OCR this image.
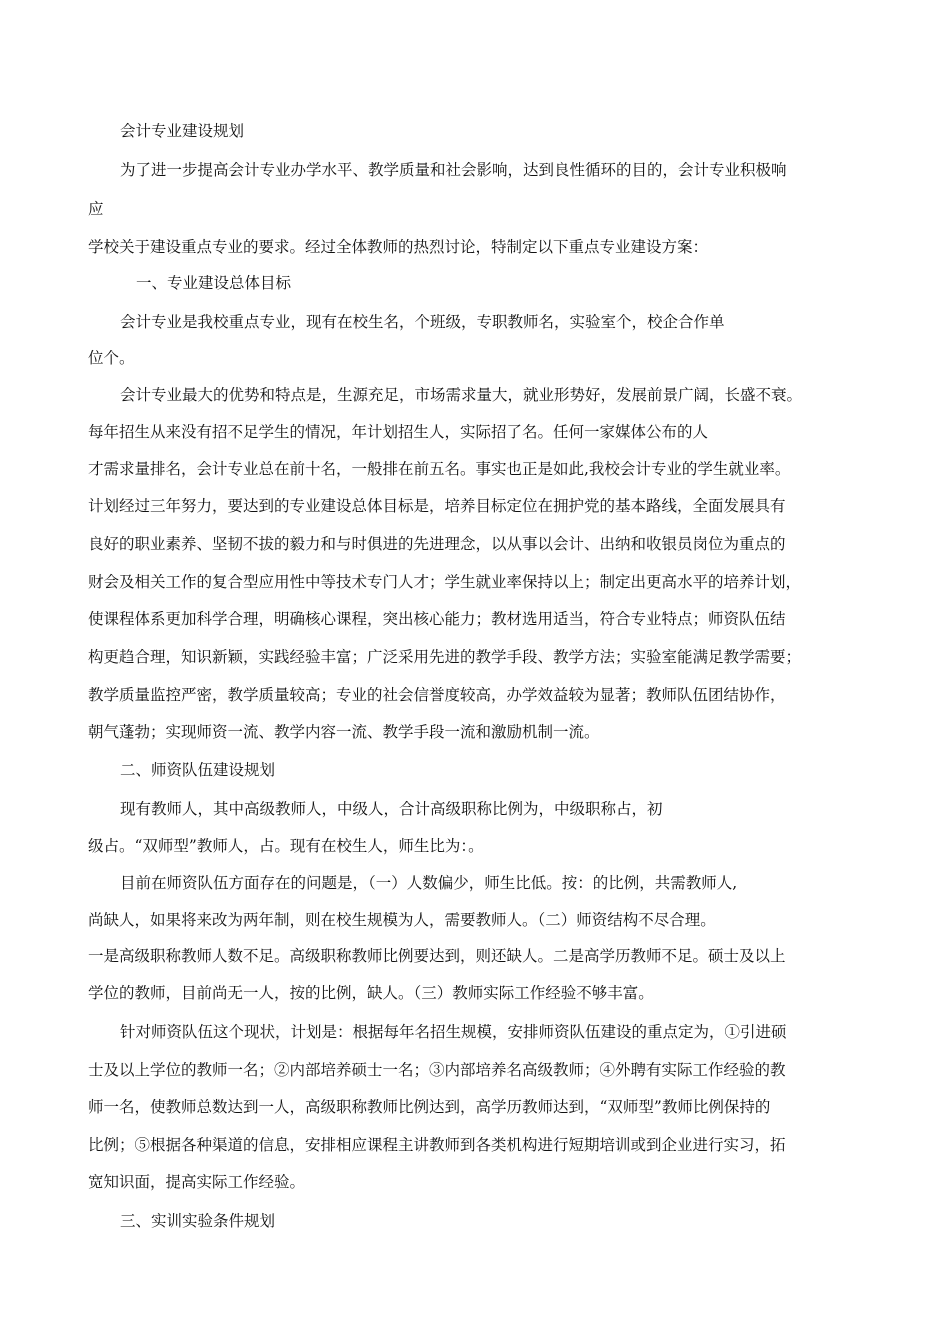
会计专业建设规划
为了进一步提高会计专业办学水平、教学质量和社会影响，达到良性循环的目的，会计专业积极响
应
学校关于建设重点专业的要求。经过全体教师的热烈讨论，特制定以下重点专业建设方案：
一、专业建设总体目标
会计专业是我校重点专业，现有在校生名，个班级，专职教师名，实验室个，校企合作单
位个。
会计专业最大的优势和特点是，生源充足，市场需求量大，就业形势好，发展前景广阔，长盛不衰。
每年招生从来没有招不足学生的情况，年计划招生人，实际招了名。任何一家媒体公布的人
才需求量排名，会计专业总在前十名，一般排在前五名。事实也正是如此,我校会计专业的学生就业率。
计划经过三年努力，要达到的专业建设总体目标是，培养目标定位在拥护党的基本路线，全面发展具有
良好的职业素养、坚韧不拔的毅力和与时俱进的先进理念，以从事以会计、出纳和收银员岗位为重点的
财会及相关工作的复合型应用性中等技术专门人才；学生就业率保持以上；制定出更高水平的培养计划，
使课程体系更加科学合理，明确核心课程，突出核心能力；教材选用适当，符合专业特点；师资队伍结
构更趋合理，知识新颖，实践经验丰富；广泛采用先进的教学手段、教学方法；实验室能满足教学需要；
教学质量监控严密，教学质量较高；专业的社会信誉度较高，办学效益较为显著；教师队伍团结协作，
朝气蓬勃；实现师资一流、教学内容一流、教学手段一流和激励机制一流。
二、师资队伍建设规划
现有教师人，其中高级教师人，中级人，合计高级职称比例为，中级职称占，初
级占。“双师型”教师人，占。现有在校生人，师生比为：。
目前在师资队伍方面存在的问题是，（一）人数偏少，师生比低。按：的比例，共需教师人,
尚缺人，如果将来改为两年制，则在校生规模为人，需要教师人。（二）师资结构不尽合理。
一是高级职称教师人数不足。高级职称教师比例要达到，则还缺人。二是高学历教师不足。硕士及以上
学位的教师，目前尚无一人，按的比例，缺人。（三）教师实际工作经验不够丰富。
针对师资队伍这个现状，计划是：根据每年名招生规模，安排师资队伍建设的重点定为，①引进硕
士及以上学位的教师一名；②内部培养硕士一名；③内部培养名高级教师；④外聘有实际工作经验的教
师一名，使教师总数达到一人，高级职称教师比例达到，高学历教师达到，“双师型”教师比例保持的
比例；⑤根据各种渠道的信息，安排相应课程主讲教师到各类机构进行短期培训或到企业进行实习，拓
宽知识面，提高实际工作经验。
三、实训实验条件规划
